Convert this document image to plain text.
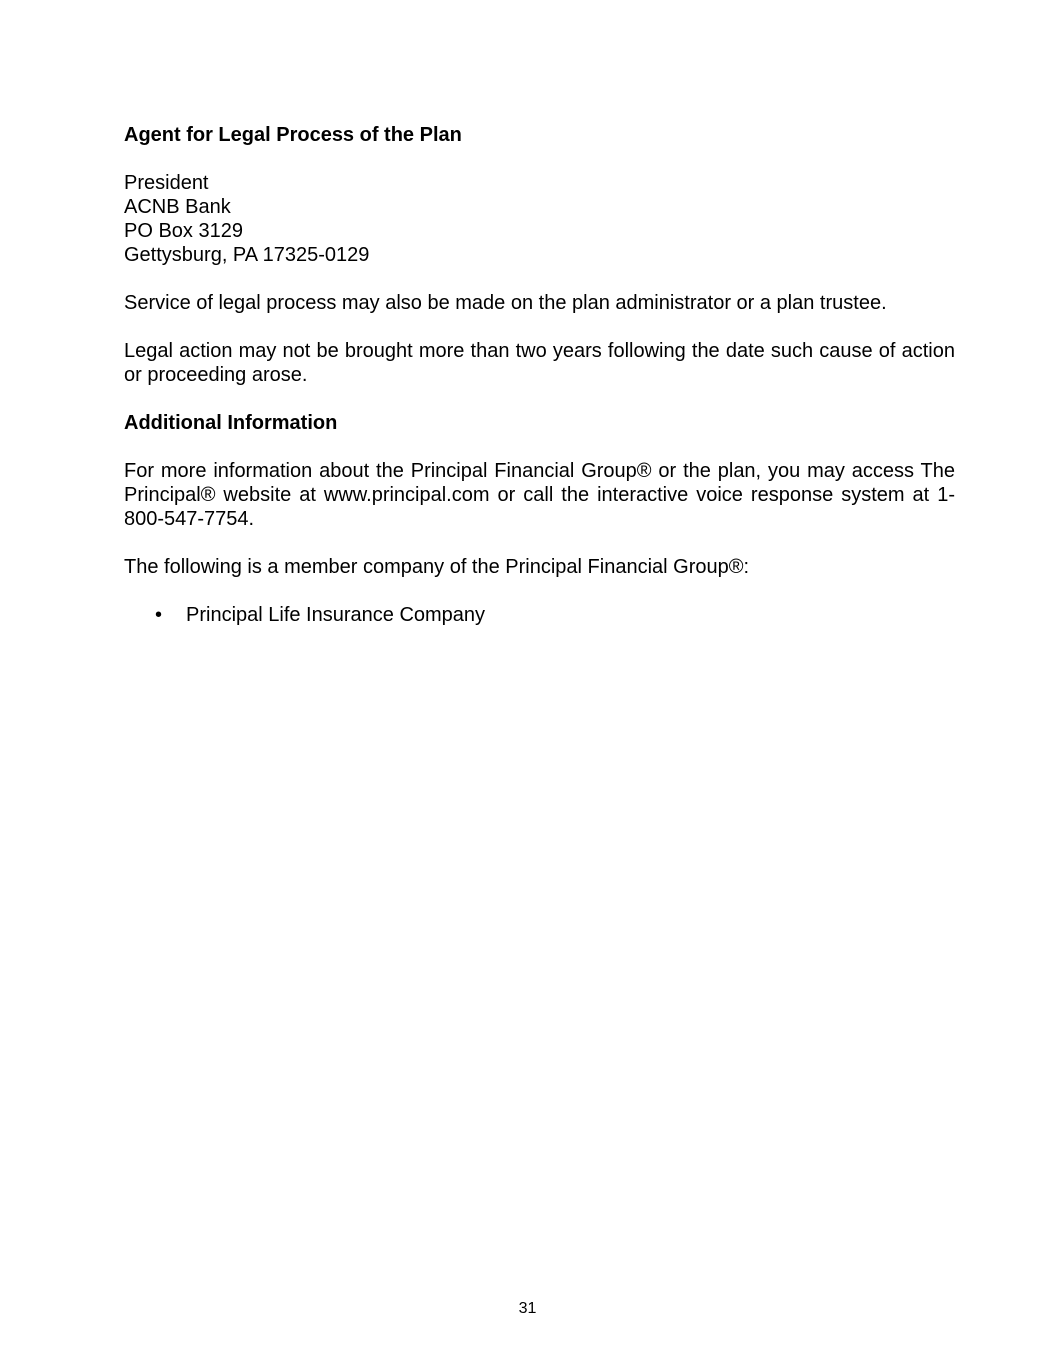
Agent for Legal Process of the Plan
President
ACNB Bank
PO Box 3129
Gettysburg, PA 17325-0129
Service of legal process may also be made on the plan administrator or a plan trustee.
Legal action may not be brought more than two years following the date such cause of action or proceeding arose.
Additional Information
For more information about the Principal Financial Group® or the plan, you may access The Principal® website at www.principal.com or call the interactive voice response system at 1-800-547-7754.
The following is a member company of the Principal Financial Group®:
• Principal Life Insurance Company
31
